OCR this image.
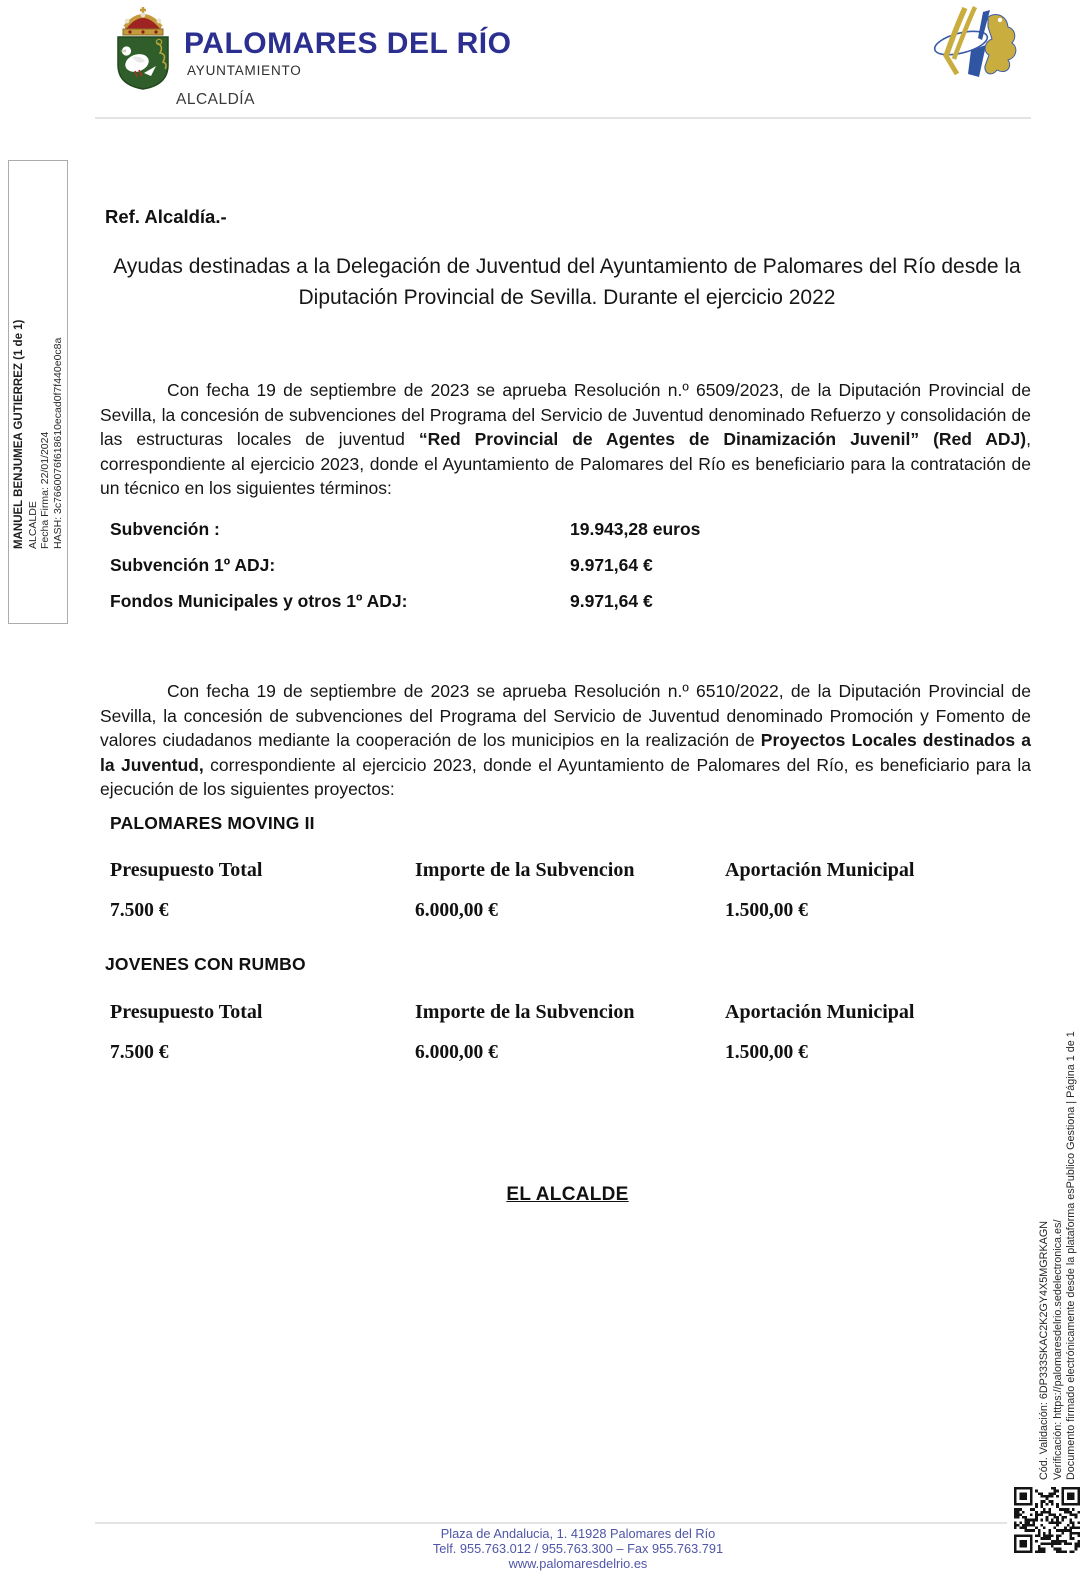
PALOMARES DEL RÍO
AYUNTAMIENTO
ALCALDÍA
MANUEL BENJUMEA GUTIERREZ (1 de 1) ALCALDE Fecha Firma: 22/01/2024 HASH: 3c7660076f618610ecad0f7f440e0c8a
Ref. Alcaldía.-
Ayudas destinadas a la Delegación de Juventud del Ayuntamiento de Palomares del Río desde la Diputación Provincial de Sevilla. Durante el ejercicio 2022
Con fecha 19 de septiembre de 2023 se aprueba Resolución n.º 6509/2023, de la Diputación Provincial de Sevilla, la concesión de subvenciones del Programa del Servicio de Juventud denominado Refuerzo y consolidación de las estructuras locales de juventud “Red Provincial de Agentes de Dinamización Juvenil” (Red ADJ), correspondiente al ejercicio 2023, donde el Ayuntamiento de Palomares del Río es beneficiario para la contratación de un técnico en los siguientes términos:
Subvención :	19.943,28 euros
Subvención 1º ADJ:	9.971,64 €
Fondos Municipales y otros 1º ADJ:	9.971,64 €
Con fecha 19 de septiembre de 2023 se aprueba Resolución n.º 6510/2022, de la Diputación Provincial de Sevilla, la concesión de subvenciones del Programa del Servicio de Juventud denominado Promoción y Fomento de valores ciudadanos mediante la cooperación de los municipios en la realización de Proyectos Locales destinados a la Juventud, correspondiente al ejercicio 2023, donde el Ayuntamiento de Palomares del Río, es beneficiario para la ejecución de los siguientes proyectos:
PALOMARES MOVING II
Presupuesto Total	Importe de la Subvencion	Aportación Municipal
7.500 €	6.000,00 €	1.500,00 €
JOVENES CON RUMBO
Presupuesto Total	Importe de la Subvencion	Aportación Municipal
7.500 €	6.000,00 €	1.500,00 €
EL ALCALDE
Cód. Validación: 6DP333SKAC2K2GY4X5MGRKAGN Verificación: https://palomaresdelrio.sedelectronica.es/ Documento firmado electrónicamente desde la plataforma esPublico Gestiona | Página 1 de 1
Plaza de Andalucia, 1. 41928 Palomares del Río
Telf. 955.763.012 / 955.763.300 – Fax 955.763.791
www.palomaresdelrio.es
